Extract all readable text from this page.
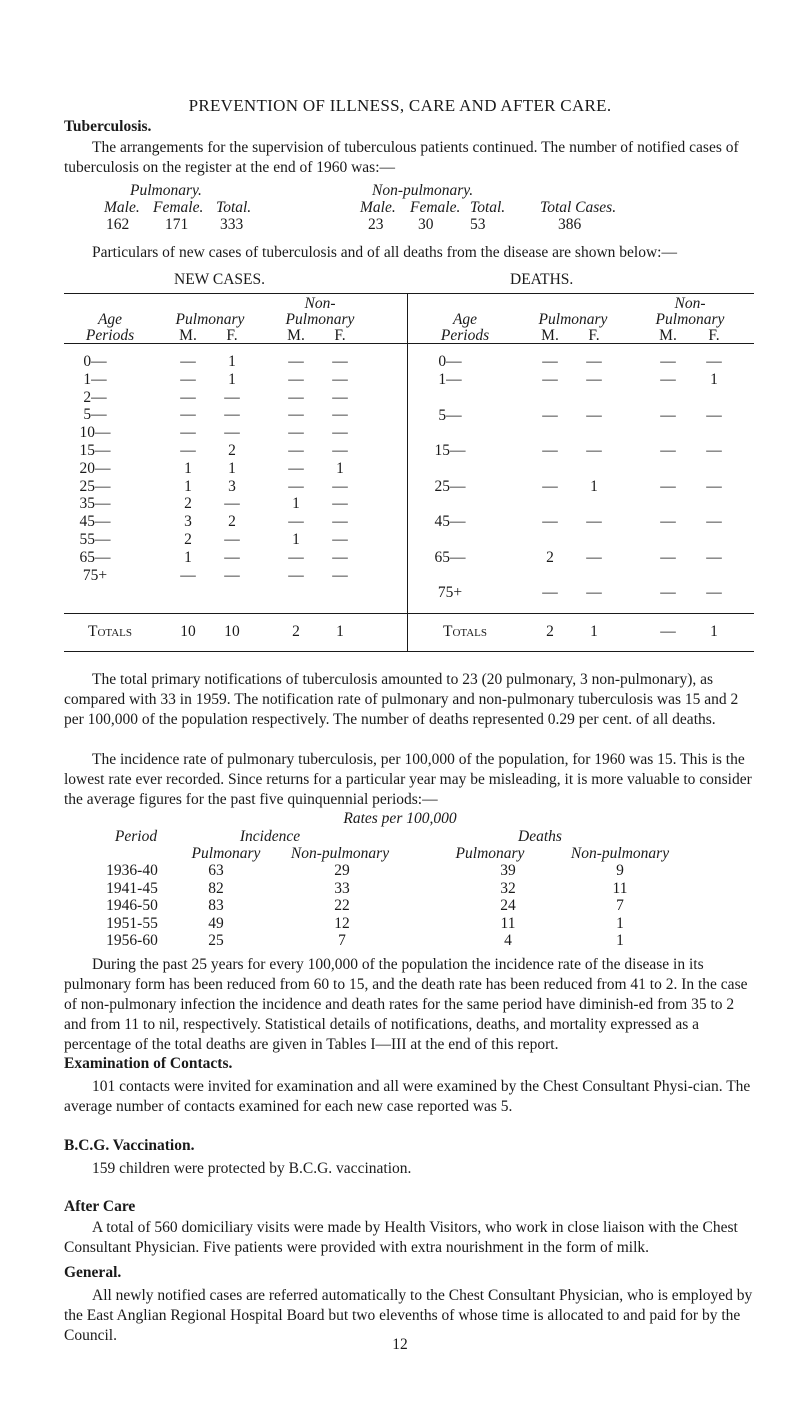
PREVENTION OF ILLNESS, CARE AND AFTER CARE.
Tuberculosis.
The arrangements for the supervision of tuberculous patients continued. The number of notified cases of tuberculosis on the register at the end of 1960 was:—
Pulmonary.	Non-pulmonary.
Male. Female. Total.	Male. Female. Total. Total Cases.
162 171 333	23 30 53	386
Particulars of new cases of tuberculosis and of all deaths from the disease are shown below:—
NEW CASES.	DEATHS.
Age
Periods
Pulmonary
Non-
Pulmonary
M.	F.	M.	F.
Age
Periods
Pulmonary
Non-
Pulmonary
M.	F.	M.	F.
0—	—	1	—	—
1—	—	1	—	—
2—	—	—	—	—
5—	—	—	—	—
10—	—	—	—	—
15—	—	2	—	—
20—	1	1	—	1
25—	1	3	—	—
35—	2	—	1	—
45—	3	2	—	—
55—	2	—	1	—
65—	1	—	—	—
75+	—	—	—	—
0—	—	—	—	—
1—	—	—	—	1
5—	—	—	—	—
15—	—	—	—	—
25—	—	1	—	—
45—	—	—	—	—
65—	2	—	—	—
75+	—	—	—	—
Totals	10	10	2	1	Totals	2	1	—	1
The total primary notifications of tuberculosis amounted to 23 (20 pulmonary, 3 non-pulmonary), as compared with 33 in 1959. The notification rate of pulmonary and non-pulmonary tuberculosis was 15 and 2 per 100,000 of the population respectively. The number of deaths represented 0.29 per cent. of all deaths.
The incidence rate of pulmonary tuberculosis, per 100,000 of the population, for 1960 was 15. This is the lowest rate ever recorded. Since returns for a particular year may be misleading, it is more valuable to consider the average figures for the past five quinquennial periods:—
Rates per 100,000
Period	Incidence	Deaths
Pulmonary	Non-pulmonary	Pulmonary	Non-pulmonary
1936-40	63	29	39	9
1941-45	82	33	32	11
1946-50	83	22	24	7
1951-55	49	12	11	1
1956-60	25	7	4	1
During the past 25 years for every 100,000 of the population the incidence rate of the disease in its pulmonary form has been reduced from 60 to 15, and the death rate has been reduced from 41 to 2. In the case of non-pulmonary infection the incidence and death rates for the same period have diminish-ed from 35 to 2 and from 11 to nil, respectively. Statistical details of notifications, deaths, and mortality expressed as a percentage of the total deaths are given in Tables I—III at the end of this report.
Examination of Contacts.
101 contacts were invited for examination and all were examined by the Chest Consultant Physi-cian. The average number of contacts examined for each new case reported was 5.
B.C.G. Vaccination.
159 children were protected by B.C.G. vaccination.
After Care
A total of 560 domiciliary visits were made by Health Visitors, who work in close liaison with the Chest Consultant Physician. Five patients were provided with extra nourishment in the form of milk.
General.
All newly notified cases are referred automatically to the Chest Consultant Physician, who is employed by the East Anglian Regional Hospital Board but two elevenths of whose time is allocated to and paid for by the Council.
12
